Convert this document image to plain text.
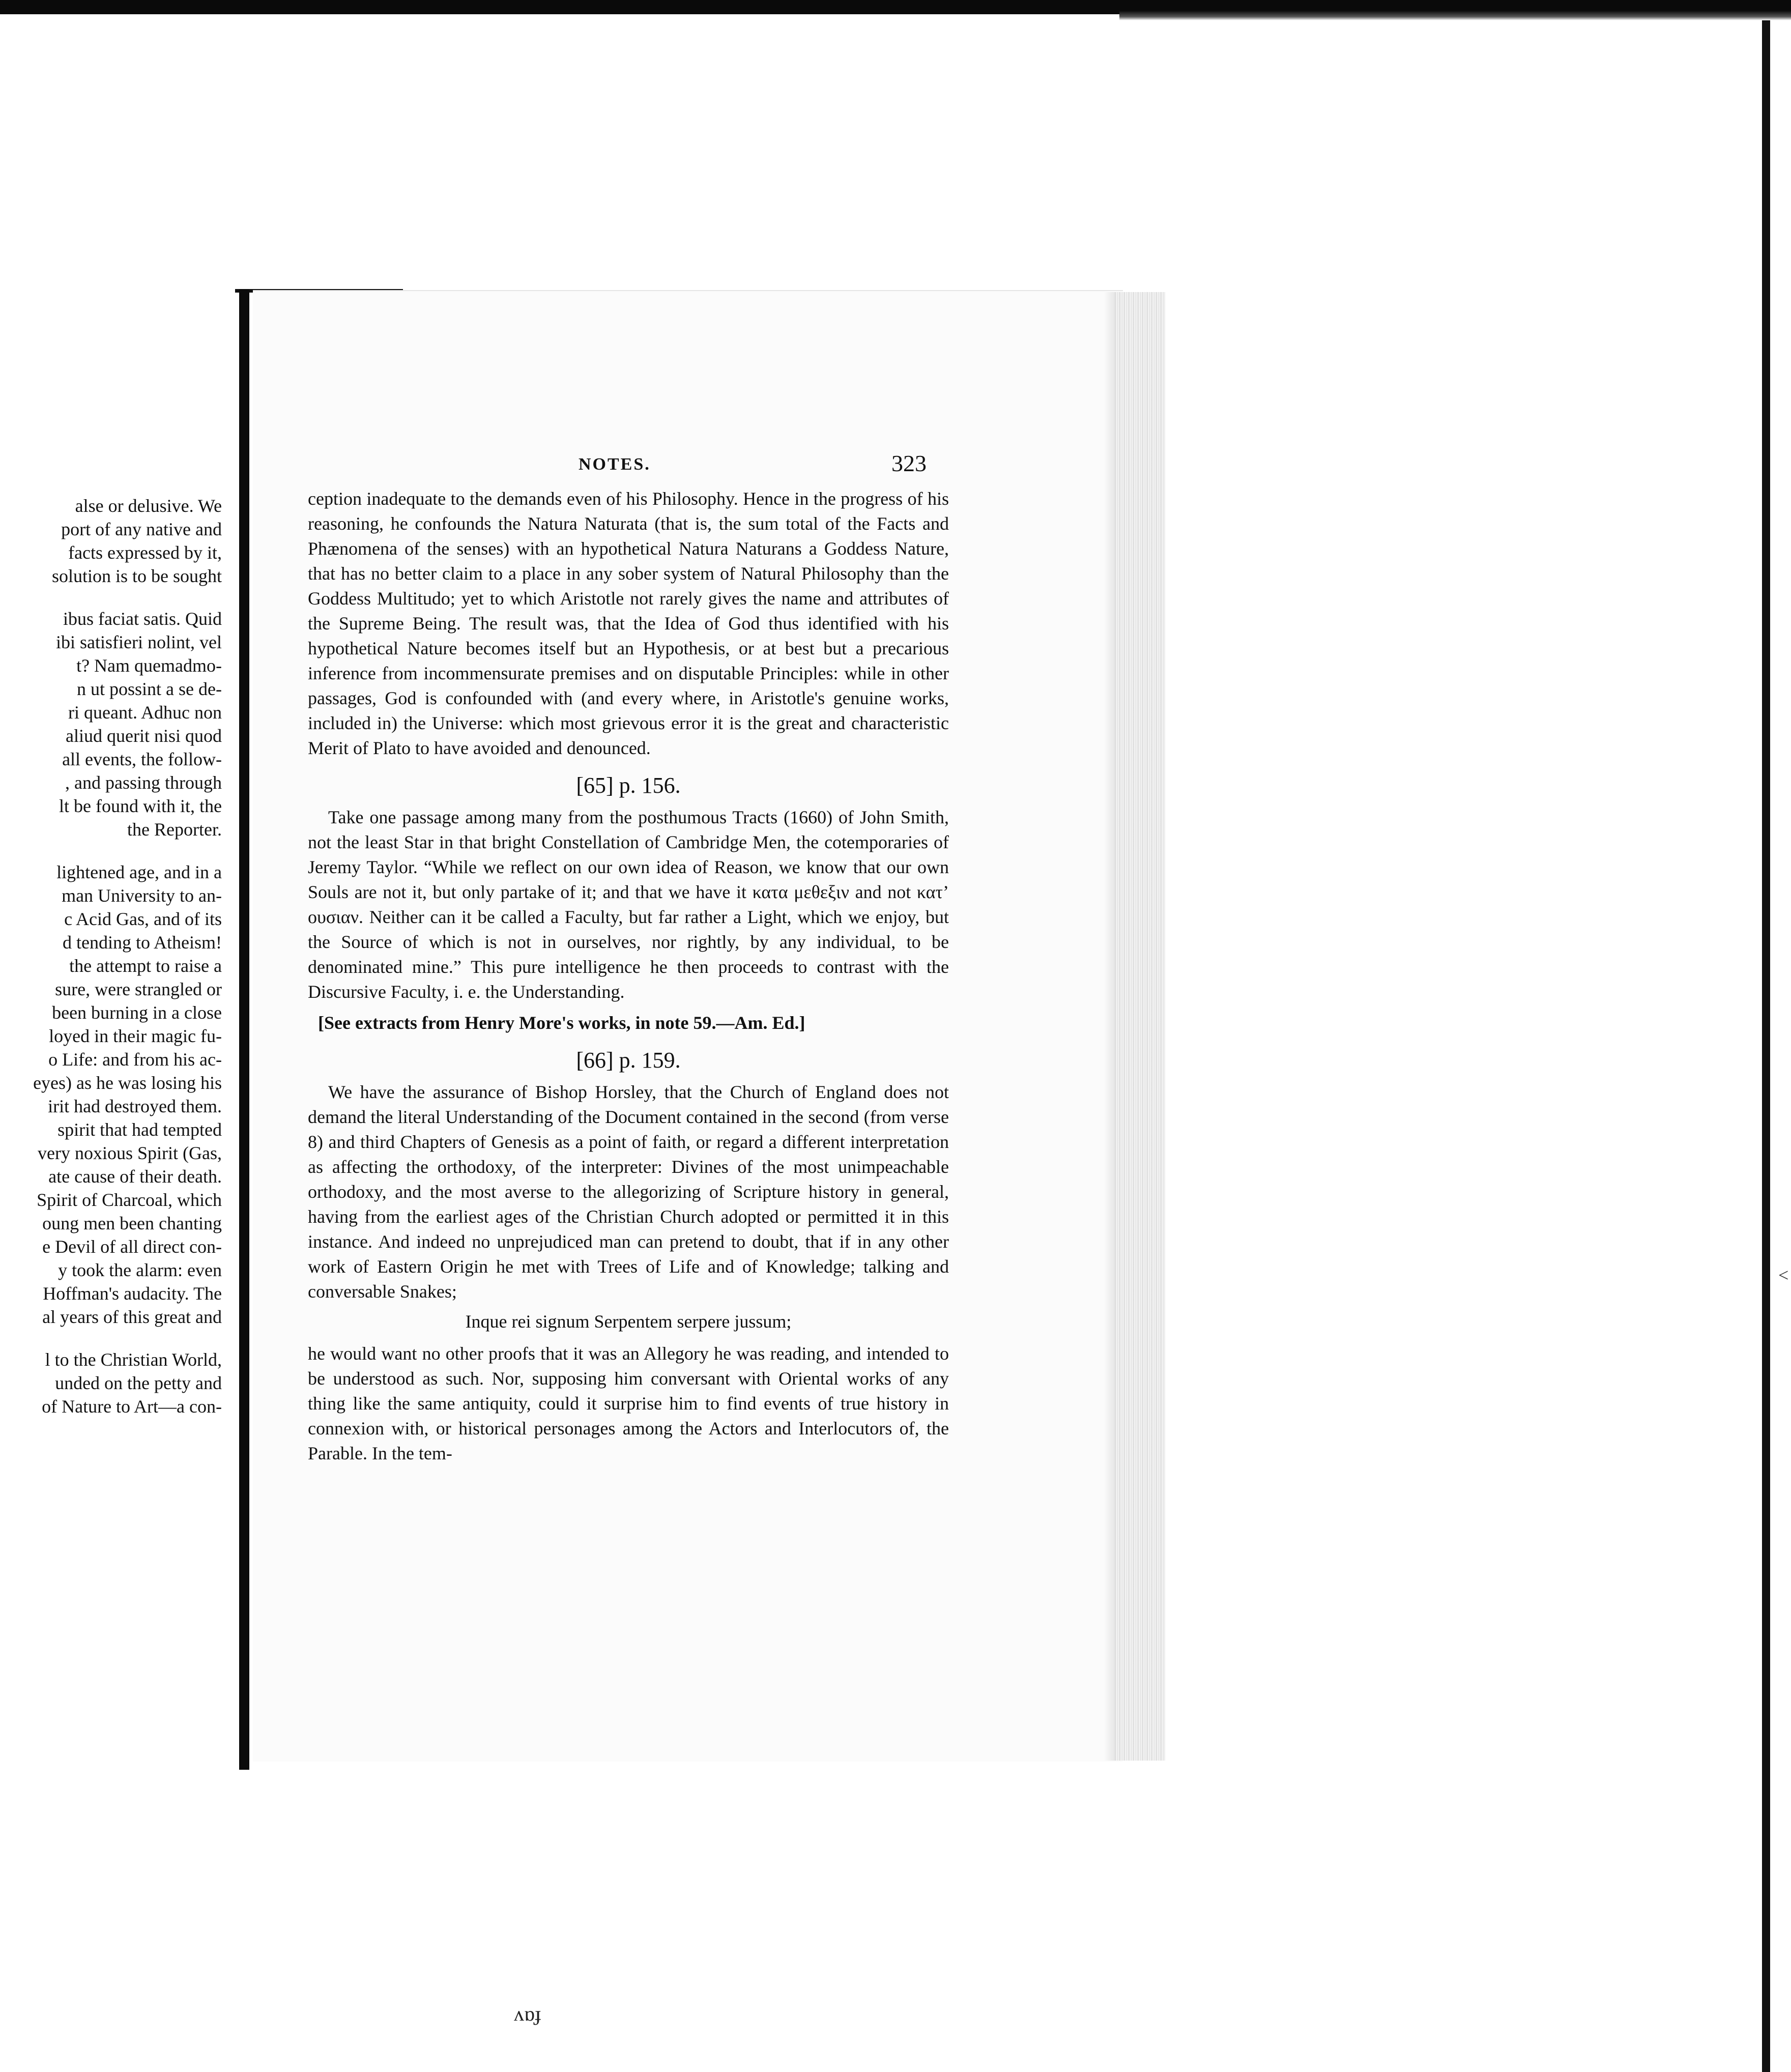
alse or delusive. We
port of any native and
facts expressed by it,
solution is to be sought
ibus faciat satis. Quid
ibi satisfieri nolint, vel
t? Nam quemadmo-
n ut possint a se de-
ri queant. Adhuc non
aliud querit nisi quod
all events, the follow-
, and passing through
lt be found with it, the
the Reporter.
lightened age, and in a
man University to an-
c Acid Gas, and of its
d tending to Atheism!
the attempt to raise a
sure, were strangled or
been burning in a close
loyed in their magic fu-
o Life: and from his ac-
eyes) as he was losing his
irit had destroyed them.
spirit that had tempted
very noxious Spirit (Gas,
ate cause of their death.
Spirit of Charcoal, which
oung men been chanting
e Devil of all direct con-
y took the alarm: even
Hoffman's audacity. The
al years of this great and
l to the Christian World,
unded on the petty and
of Nature to Art—a con-
NOTES.	323

ception inadequate to the demands even of his Philosophy. Hence in the progress of his reasoning, he confounds the Natura Naturata (that is, the sum total of the Facts and Phænomena of the senses) with an hypothetical Natura Naturans a Goddess Nature, that has no better claim to a place in any sober system of Natural Philosophy than the Goddess Multitudo; yet to which Aristotle not rarely gives the name and attributes of the Supreme Being. The result was, that the Idea of God thus identified with his hypothetical Nature becomes itself but an Hypothesis, or at best but a precarious inference from incommensurate premises and on disputable Principles: while in other passages, God is confounded with (and every where, in Aristotle's genuine works, included in) the Universe: which most grievous error it is the great and characteristic Merit of Plato to have avoided and denounced.

[65] p. 156.

Take one passage among many from the posthumous Tracts (1660) of John Smith, not the least Star in that bright Constellation of Cambridge Men, the cotemporaries of Jeremy Taylor. “While we reflect on our own idea of Reason, we know that our own Souls are not it, but only partake of it; and that we have it κατα μεθεξιν and not κατ’ ουσιαν. Neither can it be called a Faculty, but far rather a Light, which we enjoy, but the Source of which is not in ourselves, nor rightly, by any individual, to be denominated mine.” This pure intelligence he then proceeds to contrast with the Discursive Faculty, i. e. the Understanding.

[See extracts from Henry More's works, in note 59.—Am. Ed.]

[66] p. 159.

We have the assurance of Bishop Horsley, that the Church of England does not demand the literal Understanding of the Document contained in the second (from verse 8) and third Chapters of Genesis as a point of faith, or regard a different interpretation as affecting the orthodoxy, of the interpreter: Divines of the most unimpeachable orthodoxy, and the most averse to the allegorizing of Scripture history in general, having from the earliest ages of the Christian Church adopted or permitted it in this instance. And indeed no unprejudiced man can pretend to doubt, that if in any other work of Eastern Origin he met with Trees of Life and of Knowledge; talking and conversable Snakes;

Inque rei signum Serpentem serpere jussum;

he would want no other proofs that it was an Allegory he was reading, and intended to be understood as such. Nor, supposing him conversant with Oriental works of any thing like the same antiquity, could it surprise him to find events of true history in connexion with, or historical personages among the Actors and Interlocutors of, the Parable. In the tem-

ʌɒɟ
<
